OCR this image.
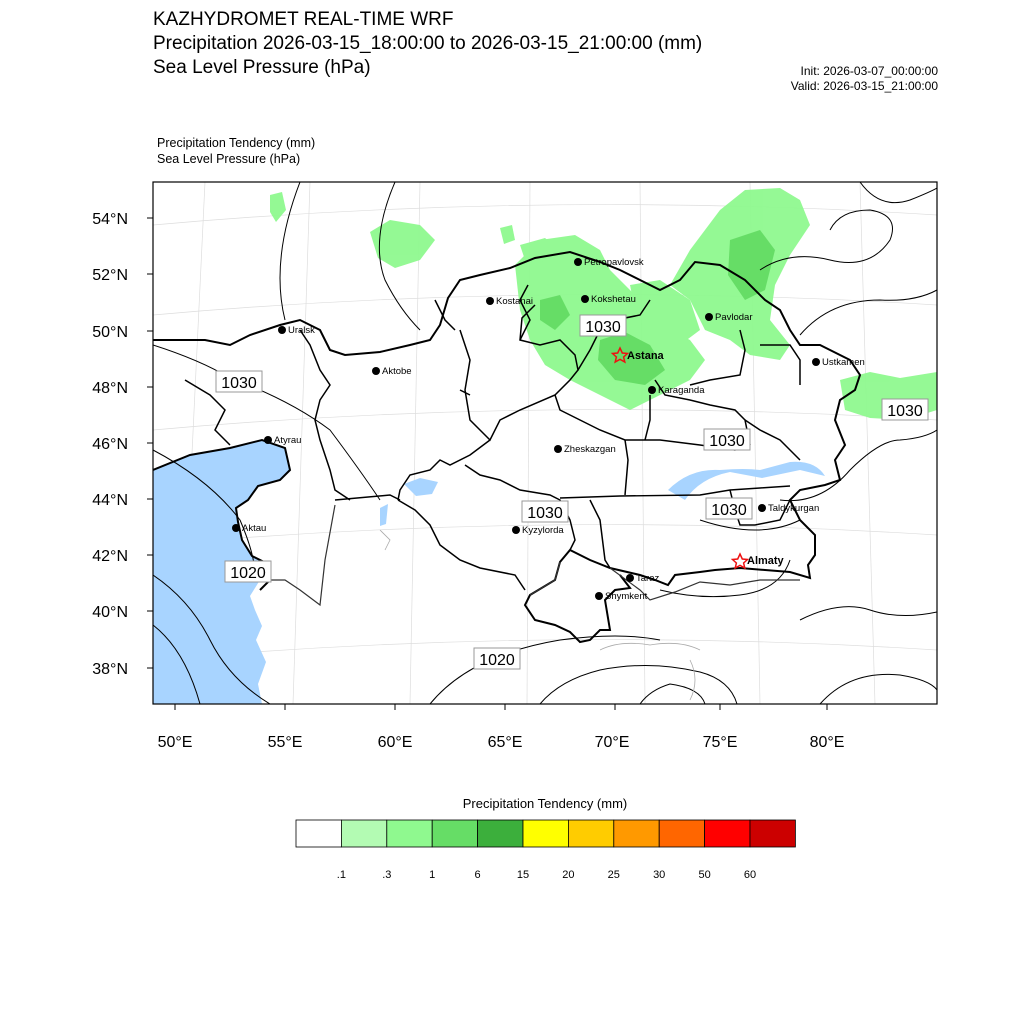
KAZHYDROMET REAL-TIME WRF
Precipitation 2026-03-15_18:00:00 to 2026-03-15_21:00:00 (mm)
Sea Level Pressure (hPa)	Init: 2026-03-07_00:00:00
Valid: 2026-03-15_21:00:00
Precipitation Tendency (mm)
Sea Level Pressure (hPa)
54°N
52°N
50°N
48°N
46°N
44°N
42°N
40°N
38°N
50°E	55°E	60°E	65°E	70°E	75°E	80°E
1030
1030
1030
1030
1030	1030
1020
1020
Petropavlovsk
Kostanai	Kokshetau
Pavlodar
Uralsk
Aktobe
Astana
Karaganda
Ustkamen
Atyrau
Zheskazgan
Aktau	Kyzylorda
Taldykurgan
Almaty
Taraz
Shymkent
Precipitation Tendency (mm)
.1	.3	1	6	15	20	25	30	50	60
